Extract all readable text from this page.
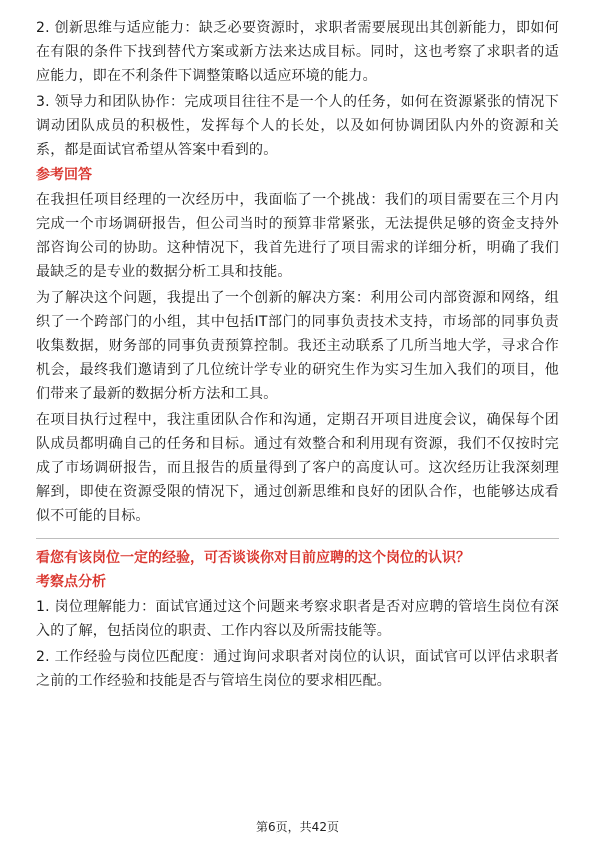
2. 创新思维与适应能力：缺乏必要资源时，求职者需要展现出其创新能力，即如何在有限的条件下找到替代方案或新方法来达成目标。同时，这也考察了求职者的适应能力，即在不利条件下调整策略以适应环境的能力。

3. 领导力和团队协作：完成项目往往不是一个人的任务，如何在资源紧张的情况下调动团队成员的积极性，发挥每个人的长处，以及如何协调团队内外的资源和关系，都是面试官希望从答案中看到的。

参考回答

在我担任项目经理的一次经历中，我面临了一个挑战：我们的项目需要在三个月内完成一个市场调研报告，但公司当时的预算非常紧张，无法提供足够的资金支持外部咨询公司的协助。这种情况下，我首先进行了项目需求的详细分析，明确了我们最缺乏的是专业的数据分析工具和技能。

为了解决这个问题，我提出了一个创新的解决方案：利用公司内部资源和网络，组织了一个跨部门的小组，其中包括IT部门的同事负责技术支持，市场部的同事负责收集数据，财务部的同事负责预算控制。我还主动联系了几所当地大学，寻求合作机会，最终我们邀请到了几位统计学专业的研究生作为实习生加入我们的项目，他们带来了最新的数据分析方法和工具。

在项目执行过程中，我注重团队合作和沟通，定期召开项目进度会议，确保每个团队成员都明确自己的任务和目标。通过有效整合和利用现有资源，我们不仅按时完成了市场调研报告，而且报告的质量得到了客户的高度认可。这次经历让我深刻理解到，即使在资源受限的情况下，通过创新思维和良好的团队合作，也能够达成看似不可能的目标。

看您有该岗位一定的经验，可否谈谈你对目前应聘的这个岗位的认识？
考察点分析

1. 岗位理解能力：面试官通过这个问题来考察求职者是否对应聘的管培生岗位有深入的了解，包括岗位的职责、工作内容以及所需技能等。

2. 工作经验与岗位匹配度：通过询问求职者对岗位的认识，面试官可以评估求职者之前的工作经验和技能是否与管培生岗位的要求相匹配。

第6页，共42页
